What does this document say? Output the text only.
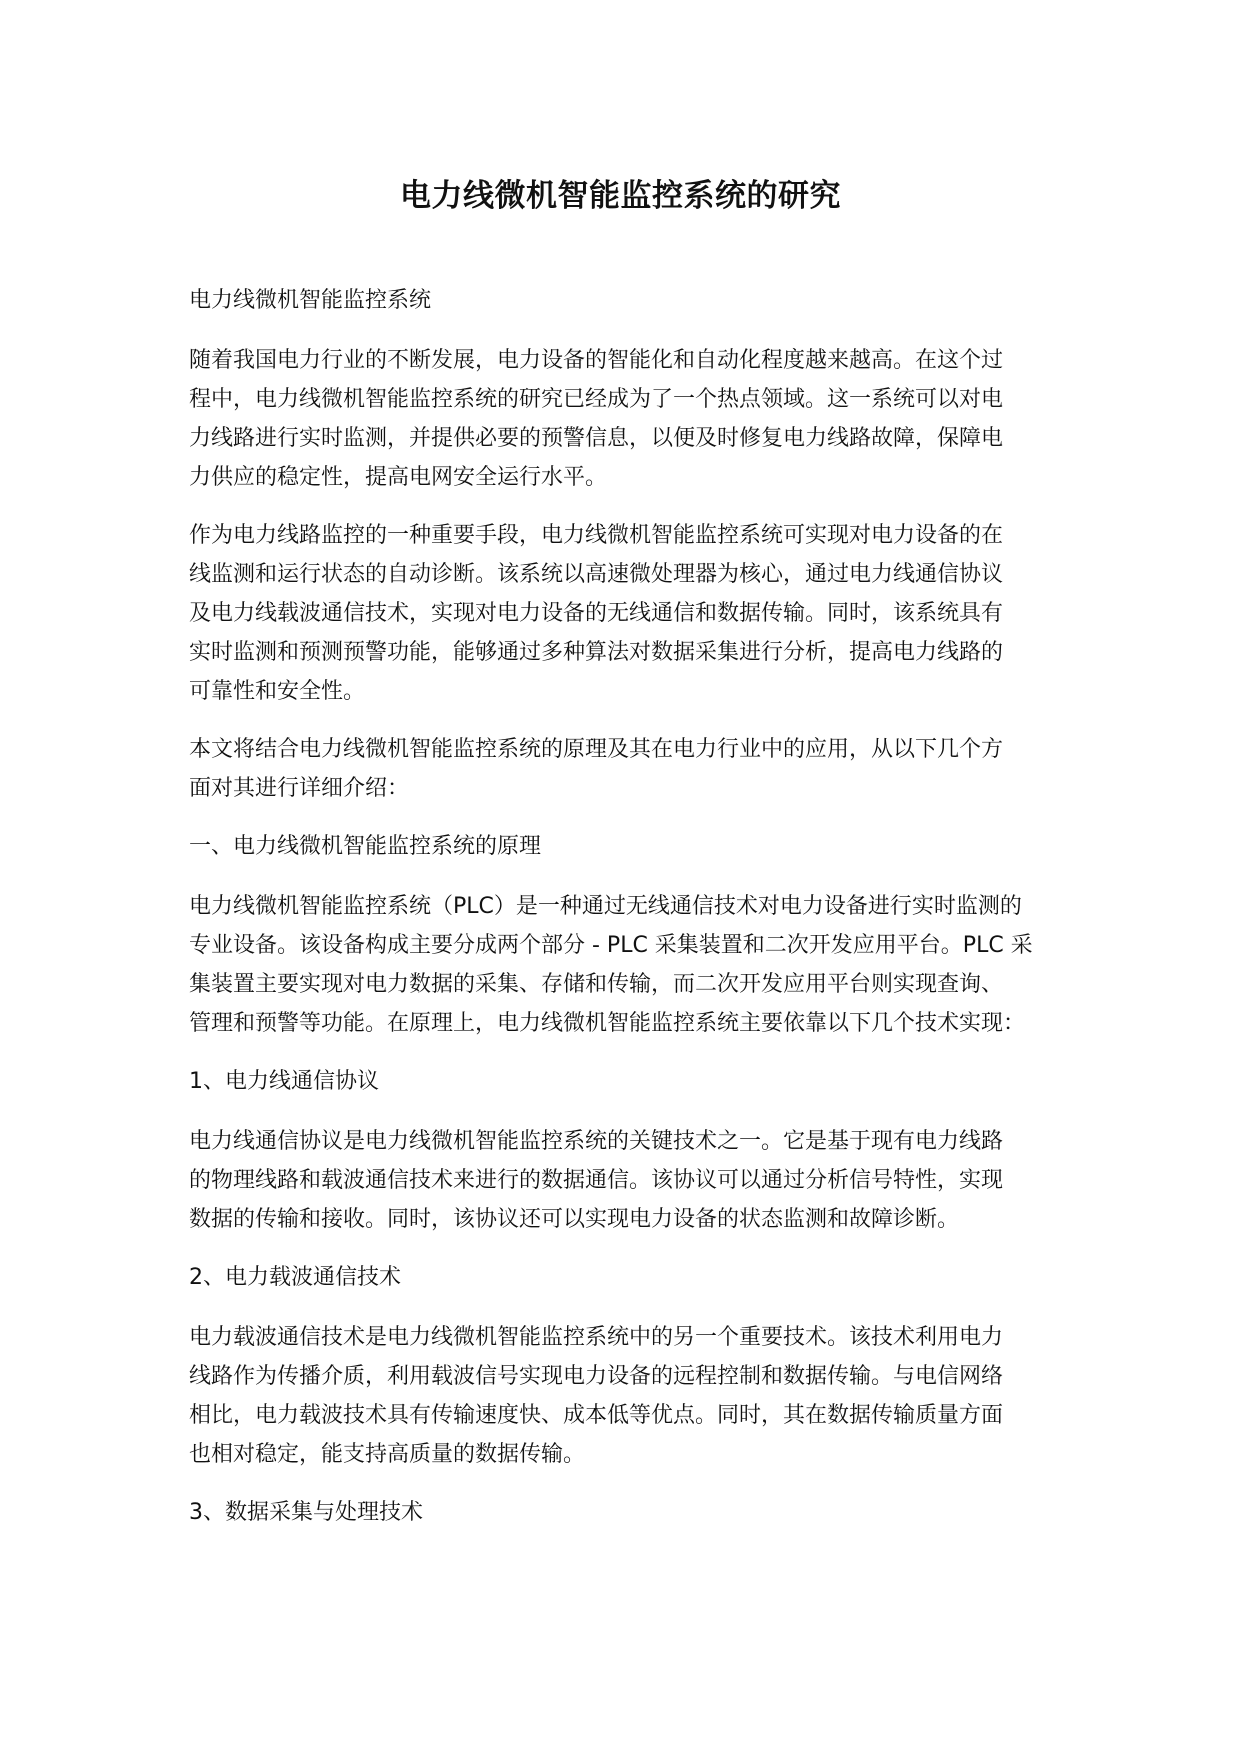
电力线微机智能监控系统的研究

电力线微机智能监控系统

随着我国电力行业的不断发展，电力设备的智能化和自动化程度越来越高。在这个过
程中，电力线微机智能监控系统的研究已经成为了一个热点领域。这一系统可以对电
力线路进行实时监测，并提供必要的预警信息，以便及时修复电力线路故障，保障电
力供应的稳定性，提高电网安全运行水平。

作为电力线路监控的一种重要手段，电力线微机智能监控系统可实现对电力设备的在
线监测和运行状态的自动诊断。该系统以高速微处理器为核心，通过电力线通信协议
及电力线载波通信技术，实现对电力设备的无线通信和数据传输。同时，该系统具有
实时监测和预测预警功能，能够通过多种算法对数据采集进行分析，提高电力线路的
可靠性和安全性。

本文将结合电力线微机智能监控系统的原理及其在电力行业中的应用，从以下几个方
面对其进行详细介绍：

一、电力线微机智能监控系统的原理

电力线微机智能监控系统（PLC）是一种通过无线通信技术对电力设备进行实时监测的
专业设备。该设备构成主要分成两个部分 - PLC 采集装置和二次开发应用平台。PLC 采
集装置主要实现对电力数据的采集、存储和传输，而二次开发应用平台则实现查询、
管理和预警等功能。在原理上，电力线微机智能监控系统主要依靠以下几个技术实现：

1、电力线通信协议

电力线通信协议是电力线微机智能监控系统的关键技术之一。它是基于现有电力线路
的物理线路和载波通信技术来进行的数据通信。该协议可以通过分析信号特性，实现
数据的传输和接收。同时，该协议还可以实现电力设备的状态监测和故障诊断。

2、电力载波通信技术

电力载波通信技术是电力线微机智能监控系统中的另一个重要技术。该技术利用电力
线路作为传播介质，利用载波信号实现电力设备的远程控制和数据传输。与电信网络
相比，电力载波技术具有传输速度快、成本低等优点。同时，其在数据传输质量方面
也相对稳定，能支持高质量的数据传输。

3、数据采集与处理技术
